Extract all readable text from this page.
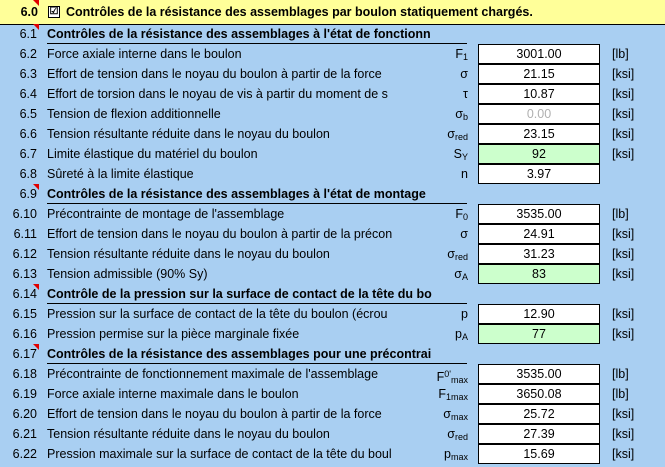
6.0 ☑ Contrôles de la résistance des assemblages par boulon statiquement chargés.
6.1 Contrôles de la résistance des assemblages à l'état de fonctionn
6.2 Force axiale interne dans le boulon	$F_1$	3001.00	[lb]
6.3 Effort de tension dans le noyau du boulon à partir de la force	σ	21.15	[ksi]
6.4 Effort de torsion dans le noyau de vis à partir du moment de s	τ	10.87	[ksi]
6.5 Tension de flexion additionnelle	$\sigma_b$	0.00	[ksi]
6.6 Tension résultante réduite dans le noyau du boulon	$\sigma_{red}$	23.15	[ksi]
6.7 Limite élastique du matériel du boulon	$S_Y$	92	[ksi]
6.8 Sûreté à la limite élastique	n	3.97
6.9 Contrôles de la résistance des assemblages à l'état de montage
6.10 Précontrainte de montage de l'assemblage	$F_0$	3535.00	[lb]
6.11 Effort de tension dans le noyau du boulon à partir de la précon	σ	24.91	[ksi]
6.12 Tension résultante réduite dans le noyau du boulon	$\sigma_{red}$	31.23	[ksi]
6.13 Tension admissible (90% Sy)	$\sigma_A$	83	[ksi]
6.14 Contrôle de la pression sur la surface de contact de la tête du bo
6.15 Pression sur la surface de contact de la tête du boulon (écrou	p	12.90	[ksi]
6.16 Pression permise sur la pièce marginale fixée	$p_A$	77	[ksi]
6.17 Contrôles de la résistance des assemblages pour une précontrai
6.18 Précontrainte de fonctionnement maximale de l'assemblage	$F^{0'}_{max}$	3535.00	[lb]
6.19 Force axiale interne maximale dans le boulon	$F_{1max}$	3650.08	[lb]
6.20 Effort de tension dans le noyau du boulon à partir de la force	$\sigma_{max}$	25.72	[ksi]
6.21 Tension résultante réduite dans le noyau du boulon	$\sigma_{red}$	27.39	[ksi]
6.22 Pression maximale sur la surface de contact de la tête du boul	$p_{max}$	15.69	[ksi]
